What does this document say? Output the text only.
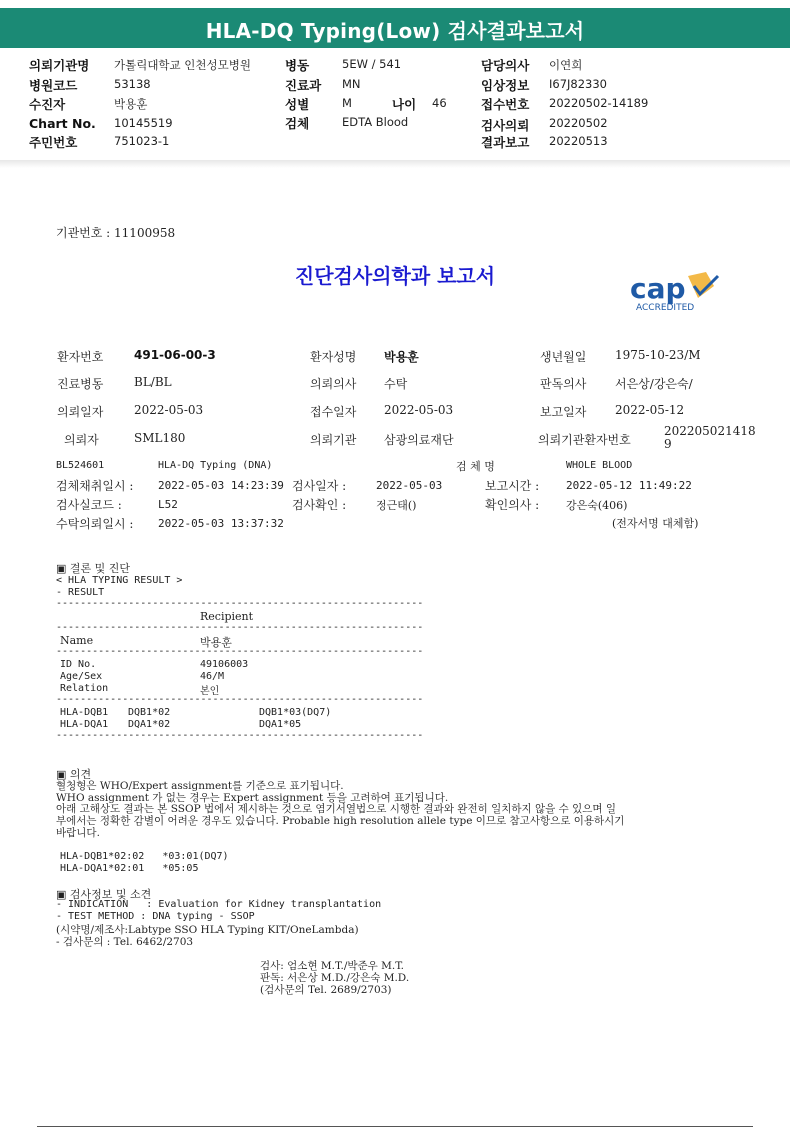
HLA-DQ Typing(Low) 검사결과보고서
의뢰기관명 가톨릭대학교 인천성모병원
병원코드	53138
수진자	박용훈
Chart No. 10145519
주민번호	751023-1
병동	5EW / 541
진료과 MN
성별	M	나이 46
검체	EDTA Blood
담당의사 이연희
임상정보 I67J82330
접수번호 20220502-14189
검사의뢰 20220502
결과보고 20220513
기관번호 : 11100958
진단검사의학과 보고서	cap
ACCREDITED
환자번호	491-06-00-3	환자성명 박용훈	생년월일 1975-10-23/M
진료병동	BL/BL	의뢰의사 수탁	판독의사 서은상/강은숙/
의뢰일자	2022-05-03	접수일자 2022-05-03	보고일자 2022-05-12
의뢰자	SML180	의뢰기관 삼광의료재단	의뢰기관환자번호
202205021418
9
BL524601	HLA-DQ Typing (DNA)	검 체 명	WHOLE BLOOD
검체채취일시 : 2022-05-03 14:23:39 검사일자 :	2022-05-03	보고시간 : 2022-05-12 11:49:22
검사실코드 :	L52	검사확인 :	정근태()	확인의사 : 강은숙(406)
수탁의뢰일시 : 2022-05-03 13:37:32	(전자서명 대체함)
▣ 결론 및 진단
< HLA TYPING RESULT >
- RESULT
-------------------------------------------------------------
Recipient
-------------------------------------------------------------
Name	박용훈
-------------------------------------------------------------
ID No.	49106003
Age/Sex	46/M
Relation	본인
-------------------------------------------------------------
HLA-DQB1 DQB1*02	DQB1*03(DQ7)
HLA-DQA1 DQA1*02	DQA1*05
-------------------------------------------------------------
▣ 의견
혈청형은 WHO/Expert assignment를 기준으로 표기됩니다.
WHO assignment 가 없는 경우는 Expert assignment 등을 고려하여 표기됩니다.
아래 고해상도 결과는 본 SSOP 법에서 제시하는 것으로 염기서열법으로 시행한 결과와 완전히 일치하지 않을 수 있으며 일
부에서는 정확한 감별이 어려운 경우도 있습니다. Probable high resolution allele type 이므로 참고사항으로 이용하시기
바랍니다.
HLA-DQB1*02:02   *03:01(DQ7)
HLA-DQA1*02:01   *05:05
▣ 검사정보 및 소견
- INDICATION   : Evaluation for Kidney transplantation
- TEST METHOD : DNA typing - SSOP
(시약명/제조사:Labtype SSO HLA Typing KIT/OneLambda)
- 검사문의 : Tel. 6462/2703
검사: 엄소현 M.T./박준우 M.T.
판독: 서은상 M.D./강은숙 M.D.
(검사문의 Tel. 2689/2703)
